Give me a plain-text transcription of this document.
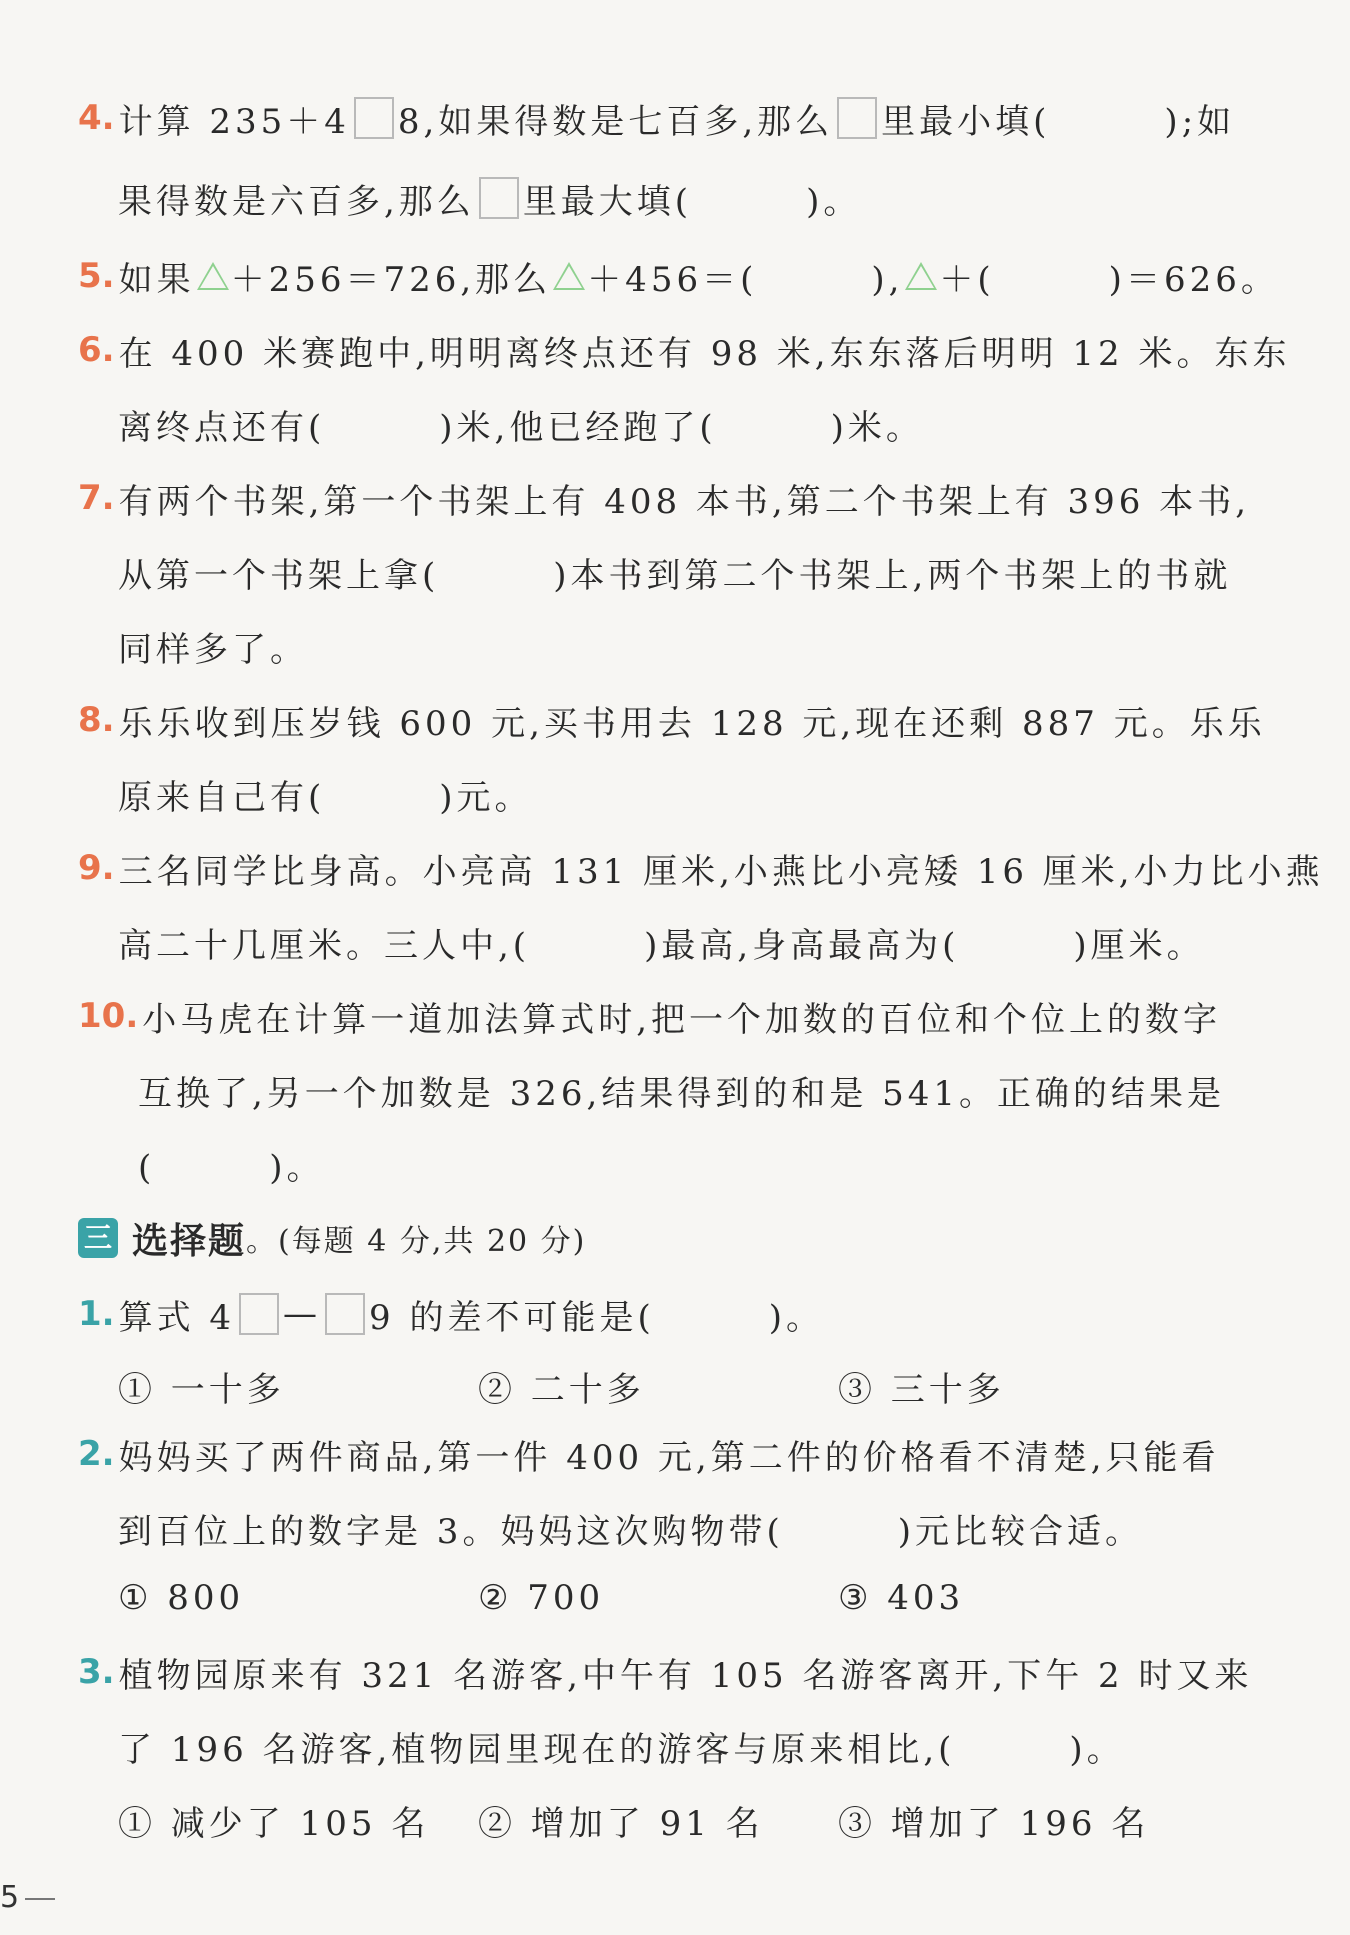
4. 计算 235＋4 8,如果得数是七百多,那么 里最小填(　　　);如
果得数是六百多,那么 里最大填(　　　)。
5. 如果 ＋256＝726,那么 ＋456＝(　　　), ＋(　　　)＝626。
6. 在 400 米赛跑中,明明离终点还有 98 米,东东落后明明 12 米。东东
离终点还有(　　　)米,他已经跑了(　　　)米。
7. 有两个书架,第一个书架上有 408 本书,第二个书架上有 396 本书,
从第一个书架上拿(　　　)本书到第二个书架上,两个书架上的书就
同样多了。
8. 乐乐收到压岁钱 600 元,买书用去 128 元,现在还剩 887 元。乐乐
原来自己有(　　　)元。
9. 三名同学比身高。小亮高 131 厘米,小燕比小亮矮 16 厘米,小力比小燕
高二十几厘米。三人中,(　　　)最高,身高最高为(　　　)厘米。
10. 小马虎在计算一道加法算式时,把一个加数的百位和个位上的数字
互换了,另一个加数是 326,结果得到的和是 541。正确的结果是
(　　　)。
三 选择题 。(每题 4 分,共 20 分)
1. 算式 4 — 9 的差不可能是(　　　)。
① 一十多	② 二十多	③ 三十多
2. 妈妈买了两件商品,第一件 400 元,第二件的价格看不清楚,只能看
到百位上的数字是 3。妈妈这次购物带(　　　)元比较合适。
① 800	② 700	③ 403
3. 植物园原来有 321 名游客,中午有 105 名游客离开,下午 2 时又来
了 196 名游客,植物园里现在的游客与原来相比,(　　　)。
① 减少了 105 名 ② 增加了 91 名 ③ 增加了 196 名
5
